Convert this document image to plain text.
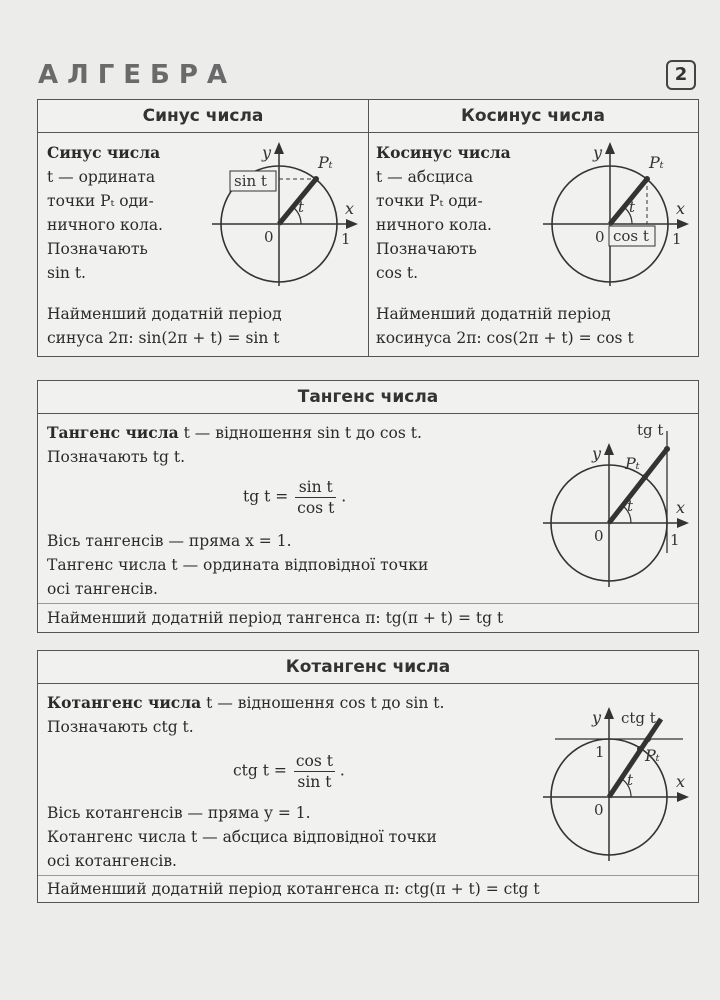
АЛГЕБРА	2
Синус числа	Косинус числа
Синус числа
t — ордината
точки Pₜ оди-
ничного кола.
Позначають
sin t.
Найменший додатній період
синуса 2π: sin(2π + t) = sin t
y
x
Pₜ
t
0	1
sin t
Косинус числа
t — абсциса
точки Pₜ оди-
ничного кола.
Позначають
cos t.
Найменший додатній період
косинуса 2π: cos(2π + t) = cos t
y
x
Pₜ
t
0	1
cos t
Тангенс числа
Тангенс числа t — відношення sin t до cos t.
Позначають tg t.
tg $t = \frac{\text{sin t}}{\text{cos t}}$ .
Вісь тангенсів — пряма x = 1.
Тангенс числа t — ордината відповідної точки
осі тангенсів.
Найменший додатній період тангенса π: tg(π + t) = tg t
y
x
Pₜ
t
0	1
tg t
Котангенс числа
Котангенс числа t — відношення cos t до sin t.
Позначають ctg t.
ctg $t = \frac{\text{cos t}}{\text{sin t}}$ .
Вісь котангенсів — пряма y = 1.
Котангенс числа t — абсциса відповідної точки
осі котангенсів.
Найменший додатній період котангенса π: ctg(π + t) = ctg t
y
x
Pₜ
t
0
1
ctg t
